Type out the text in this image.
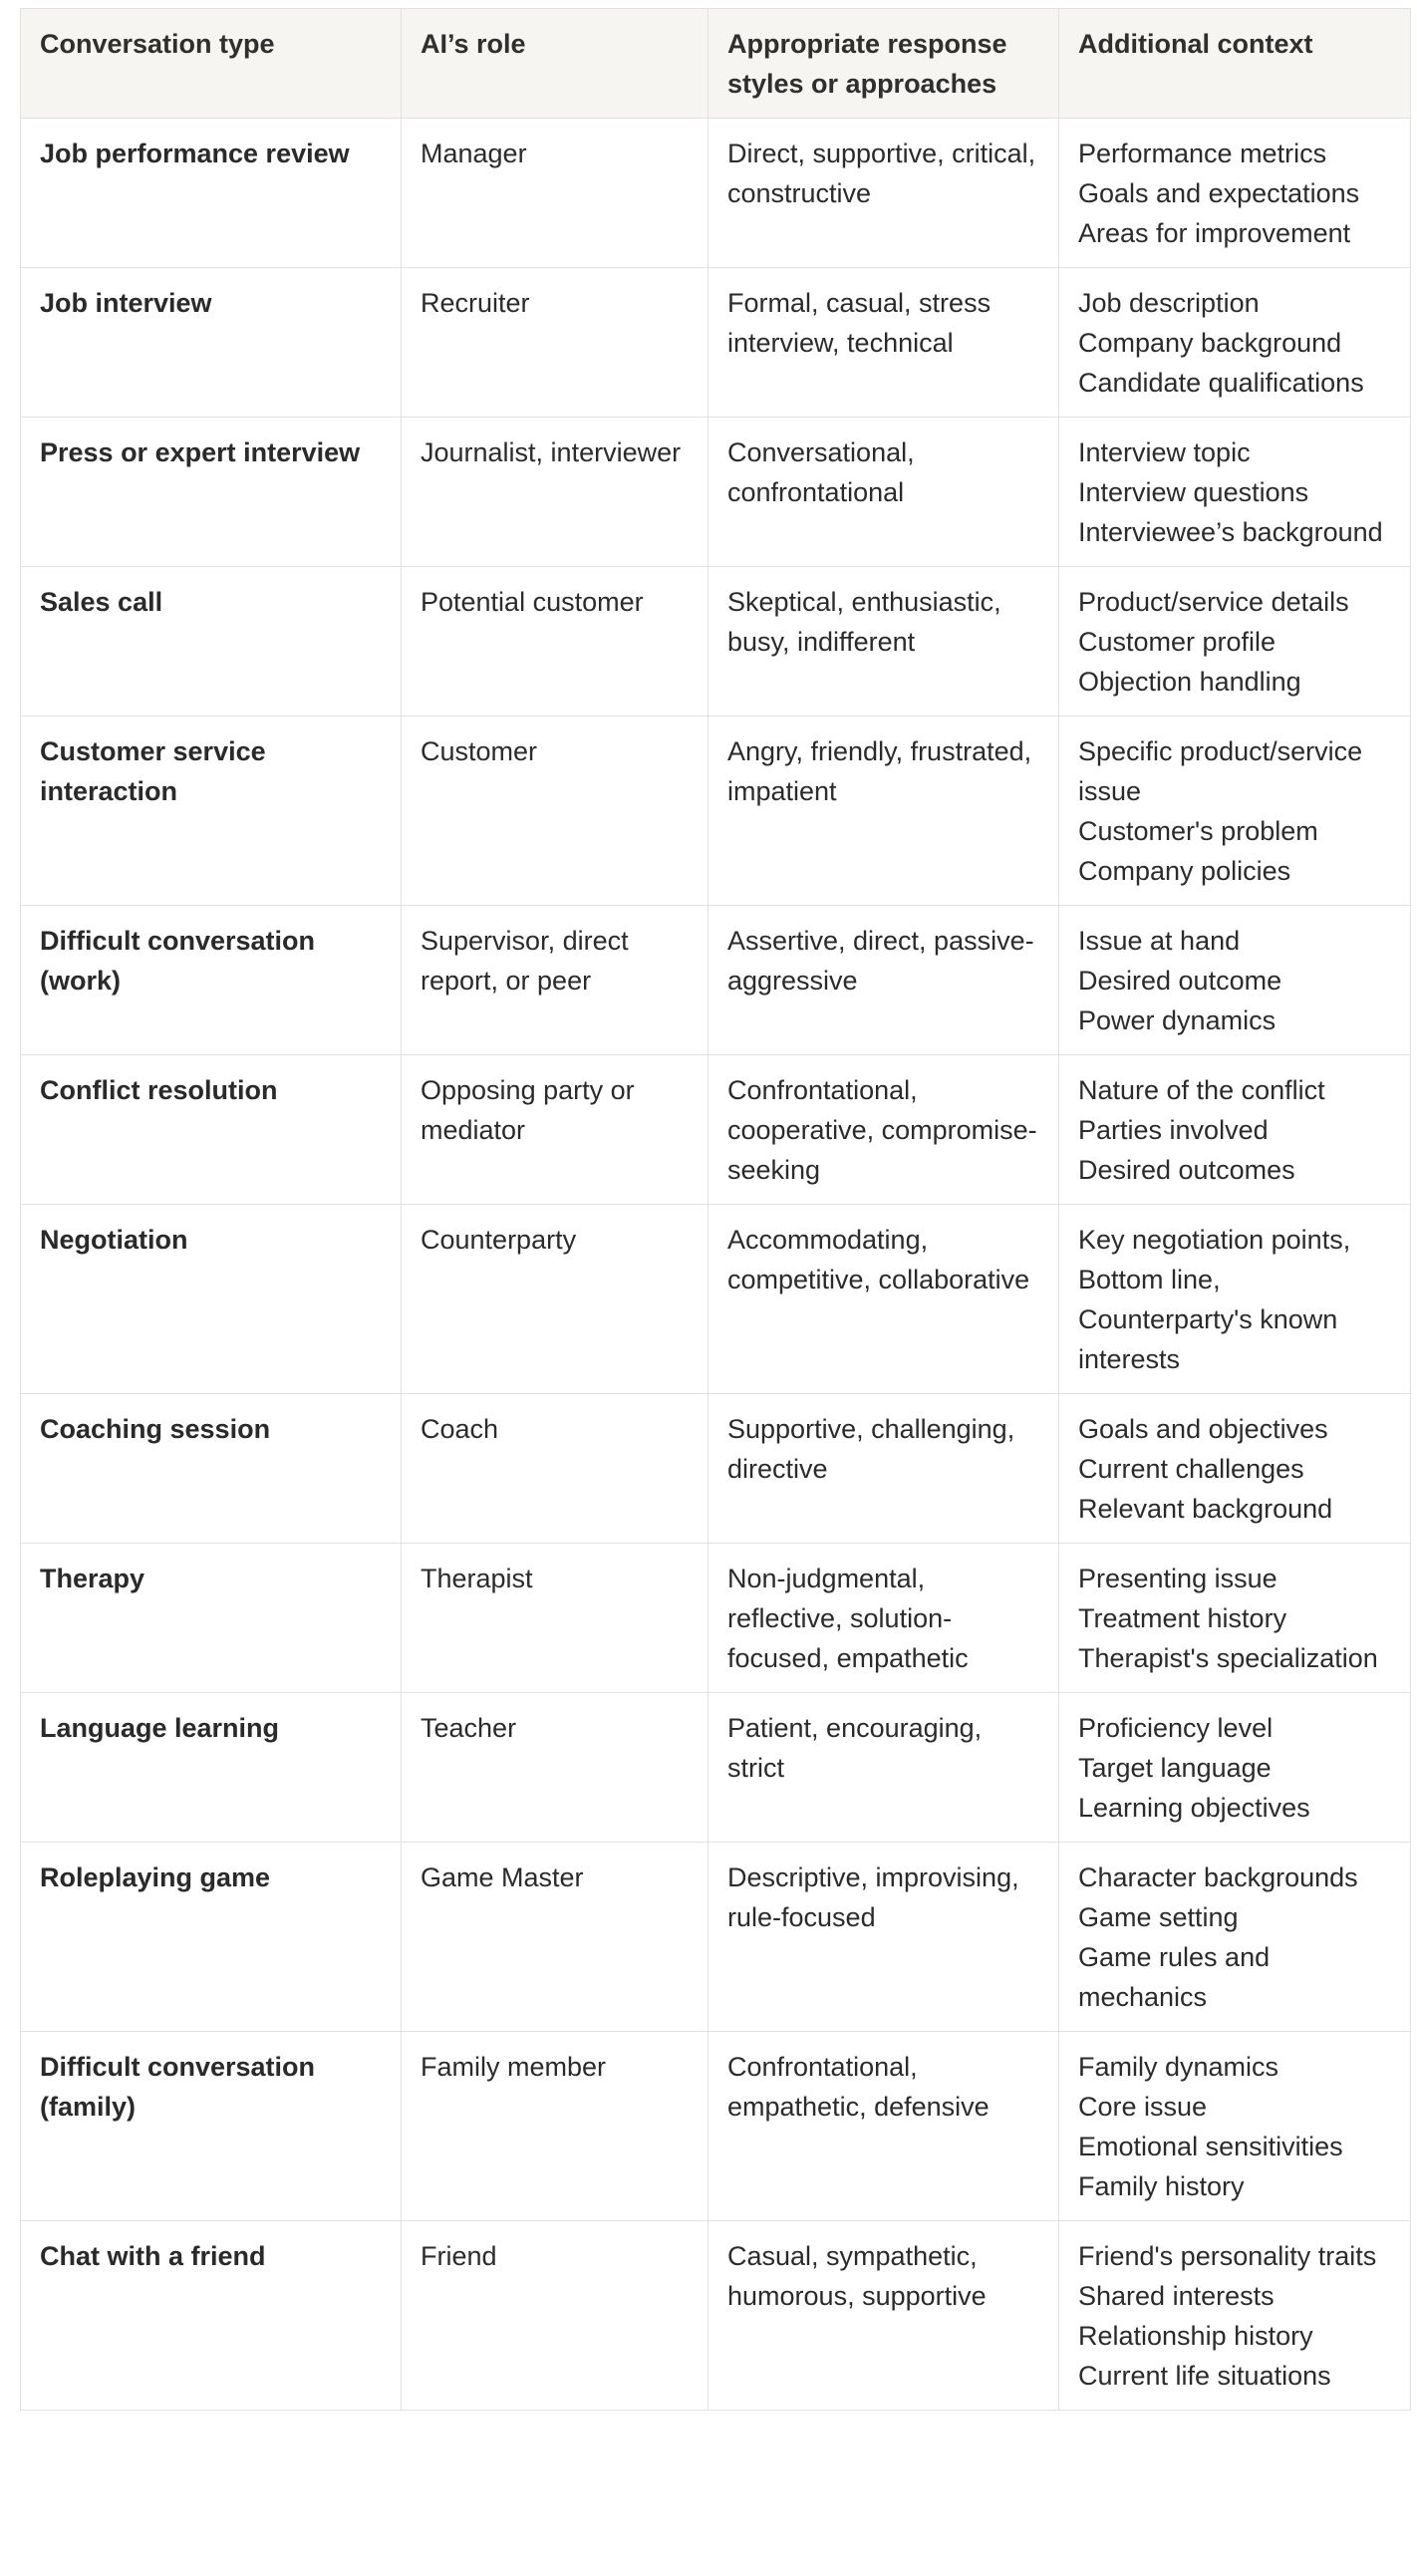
Conversation type	AI’s role	Appropriate response styles or approaches	Additional context
Job performance review	Manager	Direct, supportive, critical, constructive	Performance metrics
Goals and expectations
Areas for improvement

Job interview	Recruiter	Formal, casual, stress interview, technical	Job description
Company background
Candidate qualifications

Press or expert interview	Journalist, interviewer	Conversational, confrontational	Interview topic
Interview questions
Interviewee’s background

Sales call	Potential customer	Skeptical, enthusiastic, busy, indifferent	Product/service details
Customer profile
Objection handling

Customer service interaction	Customer	Angry, friendly, frustrated, impatient	Specific product/service issue
Customer's problem
Company policies

Difficult conversation (work)	Supervisor, direct report, or peer	Assertive, direct, passive-aggressive	Issue at hand
Desired outcome
Power dynamics

Conflict resolution	Opposing party or mediator	Confrontational, cooperative, compromise-seeking	Nature of the conflict
Parties involved
Desired outcomes

Negotiation	Counterparty	Accommodating, competitive, collaborative	Key negotiation points, Bottom line, Counterparty's known interests

Coaching session	Coach	Supportive, challenging, directive	Goals and objectives
Current challenges
Relevant background

Therapy	Therapist	Non-judgmental, reflective, solution-focused, empathetic	Presenting issue
Treatment history
Therapist's specialization

Language learning	Teacher	Patient, encouraging, strict	Proficiency level
Target language
Learning objectives

Roleplaying game	Game Master	Descriptive, improvising, rule-focused	Character backgrounds
Game setting
Game rules and mechanics

Difficult conversation (family)	Family member	Confrontational, empathetic, defensive	Family dynamics
Core issue
Emotional sensitivities
Family history

Chat with a friend	Friend	Casual, sympathetic, humorous, supportive	Friend's personality traits
Shared interests
Relationship history
Current life situations
